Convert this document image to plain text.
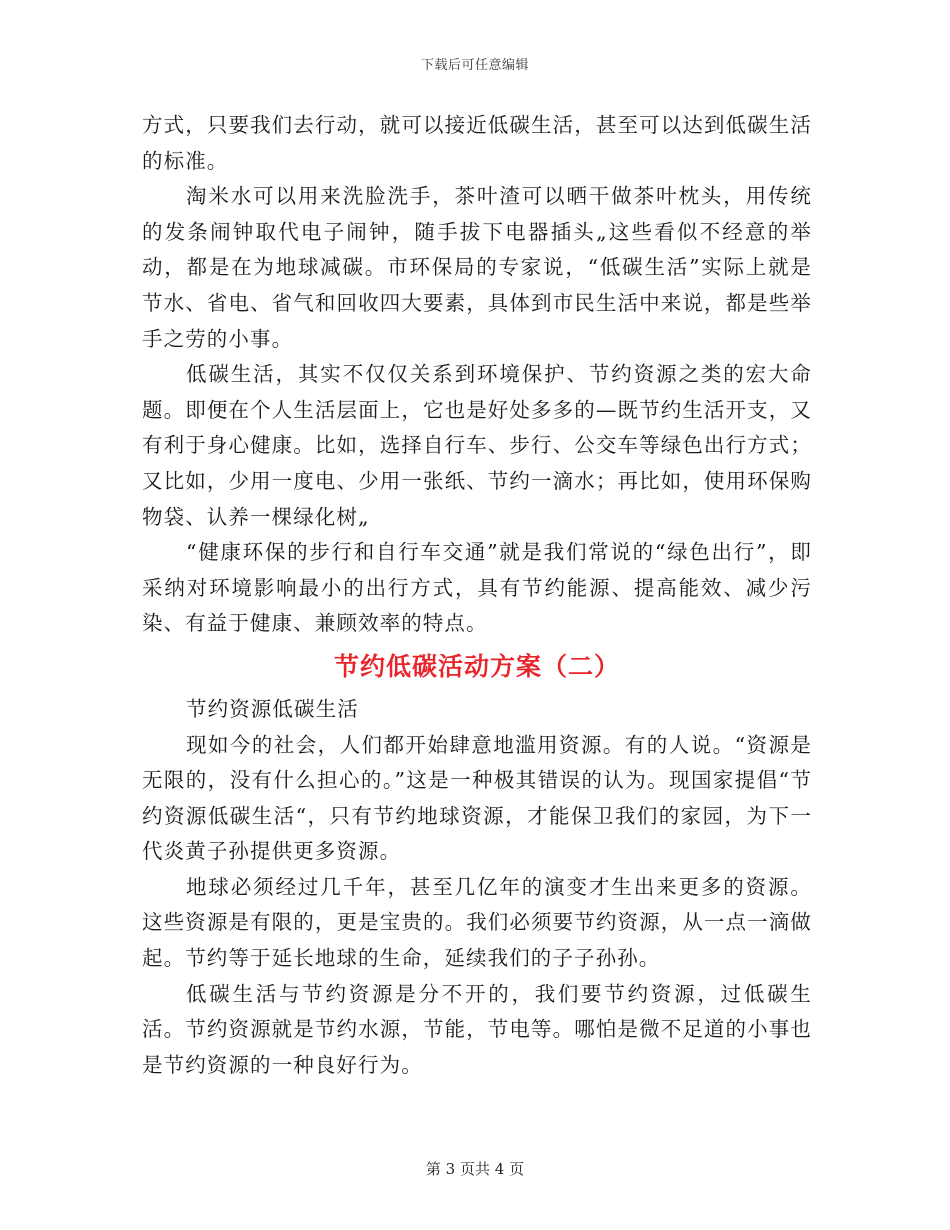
下载后可任意编辑

方式，只要我们去行动，就可以接近低碳生活，甚至可以达到低碳生活的标准。

淘米水可以用来洗脸洗手，茶叶渣可以晒干做茶叶枕头，用传统的发条闹钟取代电子闹钟，随手拔下电器插头„这些看似不经意的举动，都是在为地球减碳。市环保局的专家说，“低碳生活”实际上就是节水、省电、省气和回收四大要素，具体到市民生活中来说，都是些举手之劳的小事。

低碳生活，其实不仅仅关系到环境保护、节约资源之类的宏大命题。即便在个人生活层面上，它也是好处多多的—既节约生活开支，又有利于身心健康。比如，选择自行车、步行、公交车等绿色出行方式；又比如，少用一度电、少用一张纸、节约一滴水；再比如，使用环保购物袋、认养一棵绿化树„

“健康环保的步行和自行车交通”就是我们常说的“绿色出行”，即采纳对环境影响最小的出行方式，具有节约能源、提高能效、减少污染、有益于健康、兼顾效率的特点。

节约低碳活动方案（二）

节约资源低碳生活

现如今的社会，人们都开始肆意地滥用资源。有的人说。“资源是无限的，没有什么担心的。”这是一种极其错误的认为。现国家提倡“节约资源低碳生活“，只有节约地球资源，才能保卫我们的家园，为下一代炎黄子孙提供更多资源。

地球必须经过几千年，甚至几亿年的演变才生出来更多的资源。这些资源是有限的，更是宝贵的。我们必须要节约资源，从一点一滴做起。节约等于延长地球的生命，延续我们的子子孙孙。

低碳生活与节约资源是分不开的，我们要节约资源，过低碳生活。节约资源就是节约水源，节能，节电等。哪怕是微不足道的小事也是节约资源的一种良好行为。

第 3 页共 4 页
